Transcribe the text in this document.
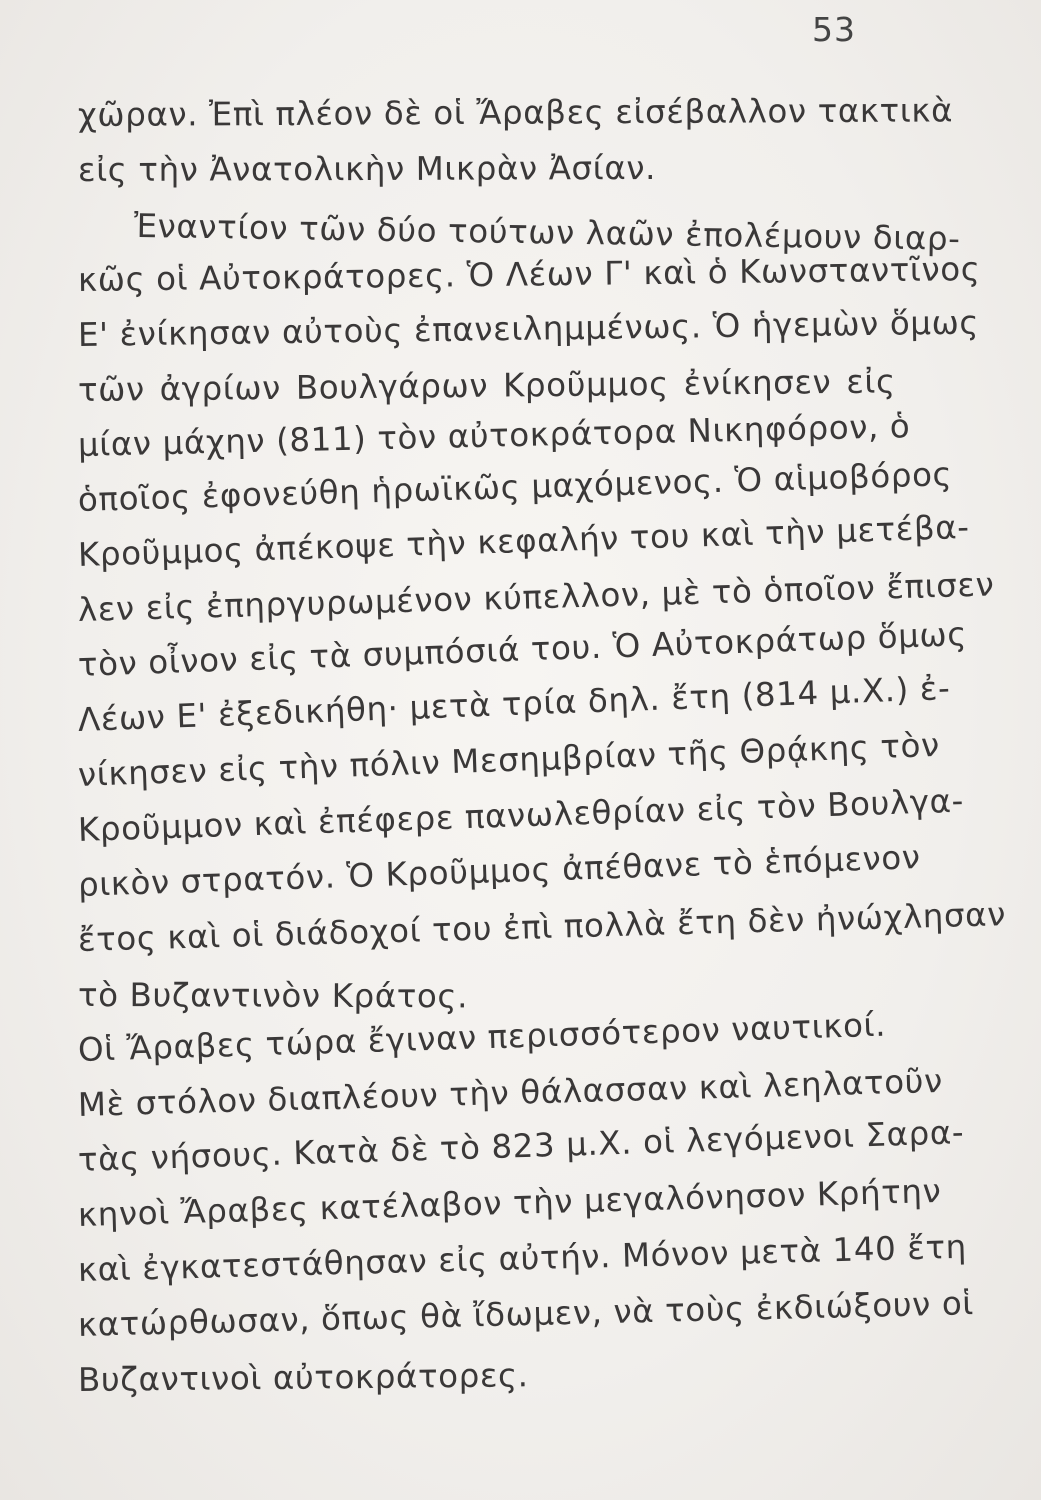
53
χῶραν. Ἐπὶ πλέον δὲ οἱ Ἄραβες εἰσέβαλλον τακτικὰ
εἰς τὴν Ἀνατολικὴν Μικρὰν Ἀσίαν.
Ἐναντίον τῶν δύο τούτων λαῶν ἐπολέμουν διαρ-
κῶς οἱ Αὐτοκράτορες. Ὁ Λέων Γ' καὶ ὁ Κωνσταντῖνος
Ε' ἐνίκησαν αὐτοὺς ἐπανειλημμένως. Ὁ ἡγεμὼν ὅμως
τῶν ἀγρίων Βουλγάρων Κροῦμμος ἐνίκησεν εἰς
μίαν μάχην (811) τὸν αὐτοκράτορα Νικηφόρον, ὁ
ὁποῖος ἐφονεύθη ἡρωϊκῶς μαχόμενος. Ὁ αἱμοβόρος
Κροῦμμος ἀπέκοψε τὴν κεφαλήν του καὶ τὴν μετέβα-
λεν εἰς ἐπηργυρωμένον κύπελλον, μὲ τὸ ὁποῖον ἔπισεν
τὸν οἶνον εἰς τὰ συμπόσιά του. Ὁ Αὐτοκράτωρ ὅμως
Λέων Ε' ἐξεδικήθη· μετὰ τρία δηλ. ἔτη (814 μ.Χ.) ἐ-
νίκησεν εἰς τὴν πόλιν Μεσημβρίαν τῆς Θρᾴκης τὸν
Κροῦμμον καὶ ἐπέφερε πανωλεθρίαν εἰς τὸν Βουλγα-
ρικὸν στρατόν. Ὁ Κροῦμμος ἀπέθανε τὸ ἑπόμενον
ἔτος καὶ οἱ διάδοχοί του ἐπὶ πολλὰ ἔτη δὲν ἠνώχλησαν
τὸ Βυζαντινὸν Κράτος.
Οἱ Ἄραβες τώρα ἔγιναν περισσότερον ναυτικοί.
Μὲ στόλον διαπλέουν τὴν θάλασσαν καὶ λεηλατοῦν
τὰς νήσους. Κατὰ δὲ τὸ 823 μ.Χ. οἱ λεγόμενοι Σαρα-
κηνοὶ Ἄραβες κατέλαβον τὴν μεγαλόνησον Κρήτην
καὶ ἐγκατεστάθησαν εἰς αὐτήν. Μόνον μετὰ 140 ἔτη
κατώρθωσαν, ὅπως θὰ ἴδωμεν, νὰ τοὺς ἐκδιώξουν οἱ
Βυζαντινοὶ αὐτοκράτορες.
